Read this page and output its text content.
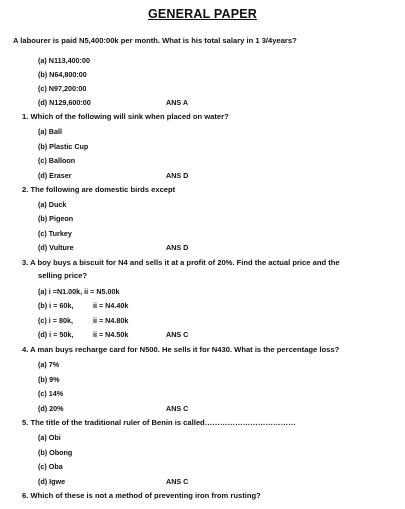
GENERAL PAPER
A labourer is paid N5,400:00k per month. What is his total salary in 1 3/4years?
(a) N113,400:00
(b) N64,800:00
(c) N97,200:00
(d) N129,600:00	ANS A
1. Which of the following will sink when placed on water?
(a) Ball
(b) Plastic Cup
(c) Balloon
(d) Eraser	ANS D
2. The following are domestic birds except
(a) Duck
(b) Pigeon
(c) Turkey
(d) Vulture	ANS D
3. A boy buys a biscuit for N4 and sells it at a profit of 20%. Find the actual price and the
selling price?
(a) i =N1.00k, ii = N5.00k
(b) i = 60k,	ii = N4.40k
(c) i = 80k,	ii = N4.80k
(d) i = 50k,	ii = N4.50k	ANS C
4. A man buys recharge card for N500. He sells it for N430. What is the percentage loss?
(a) 7%
(b) 9%
(c) 14%
(d) 20%	ANS C
5. The title of the traditional ruler of Benin is called………………………………
(a) Obi
(b) Obong
(c) Oba
(d) Igwe	ANS C
6. Which of these is not a method of preventing iron from rusting?
